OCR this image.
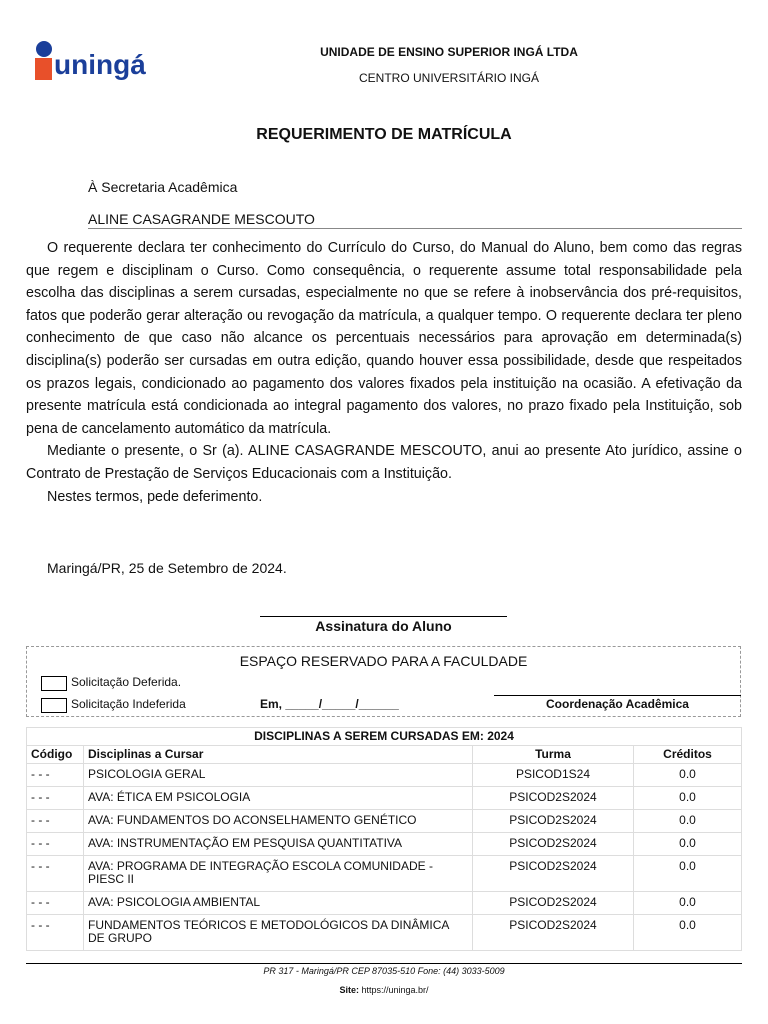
uningá	UNIDADE DE ENSINO SUPERIOR INGÁ LTDA
CENTRO UNIVERSITÁRIO INGÁ
REQUERIMENTO DE MATRÍCULA
À Secretaria Acadêmica
ALINE CASAGRANDE MESCOUTO

O requerente declara ter conhecimento do Currículo do Curso, do Manual do Aluno, bem como das regras que regem e disciplinam o Curso. Como consequência, o requerente assume total responsabilidade pela escolha das disciplinas a serem cursadas, especialmente no que se refere à inobservância dos pré-requisitos, fatos que poderão gerar alteração ou revogação da matrícula, a qualquer tempo. O requerente declara ter pleno conhecimento de que caso não alcance os percentuais necessários para aprovação em determinada(s) disciplina(s) poderão ser cursadas em outra edição, quando houver essa possibilidade, desde que respeitados os prazos legais, condicionado ao pagamento dos valores fixados pela instituição na ocasião. A efetivação da presente matrícula está condicionada ao integral pagamento dos valores, no prazo fixado pela Instituição, sob pena de cancelamento automático da matrícula.

Mediante o presente, o Sr (a). ALINE CASAGRANDE MESCOUTO, anui ao presente Ato jurídico, assine o Contrato de Prestação de Serviços Educacionais com a Instituição.

Nestes termos, pede deferimento.

Maringá/PR, 25 de Setembro de 2024.
Assinatura do Aluno
ESPAÇO RESERVADO PARA A FACULDADE
Solicitação Deferida.
Solicitação Indeferida	Em, _____/_____/______	Coordenação Acadêmica
DISCIPLINAS A SEREM CURSADAS EM: 2024			
Código	Disciplinas a Cursar	Turma	Créditos
- - -	PSICOLOGIA GERAL	PSICOD1S24	0.0
- - -	AVA: ÉTICA EM PSICOLOGIA	PSICOD2S2024	0.0
- - -	AVA: FUNDAMENTOS DO ACONSELHAMENTO GENÉTICO	PSICOD2S2024	0.0
- - -	AVA: INSTRUMENTAÇÃO EM PESQUISA QUANTITATIVA	PSICOD2S2024	0.0
- - -	AVA: PROGRAMA DE INTEGRAÇÃO ESCOLA COMUNIDADE - PIESC II	PSICOD2S2024	0.0
- - -	AVA: PSICOLOGIA AMBIENTAL	PSICOD2S2024	0.0
- - -	FUNDAMENTOS TEÓRICOS E METODOLÓGICOS DA DINÂMICA DE GRUPO	PSICOD2S2024	0.0
PR 317 - Maringá/PR CEP 87035-510 Fone: (44) 3033-5009
Site: https://uninga.br/
